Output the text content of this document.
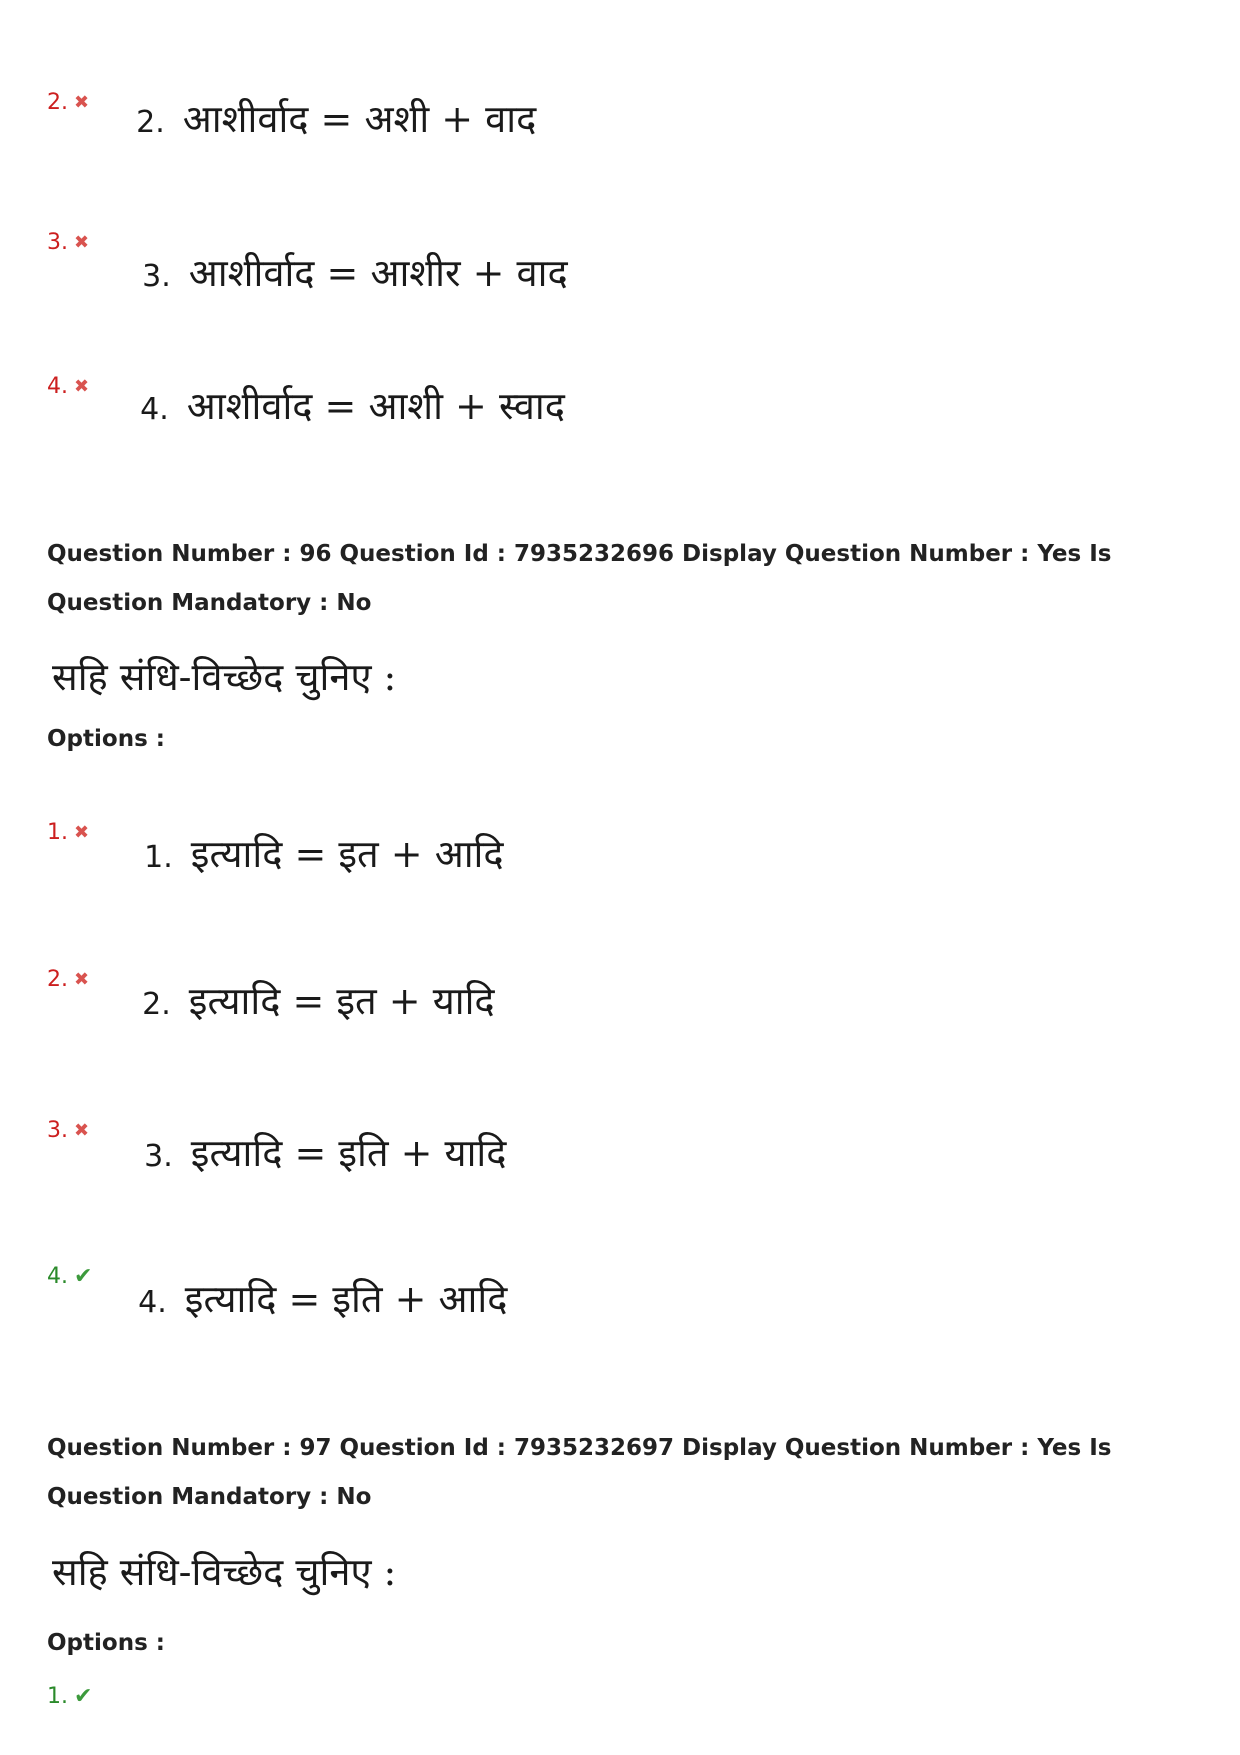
2. आशीर्वाद = अशी + वाद

2. ✖

3. आशीर्वाद = आशीर + वाद

3. ✖

4. आशीर्वाद = आशी + स्वाद

4. ✖
Question Number : 96 Question Id : 7935232696 Display Question Number : Yes Is Question Mandatory : No
सहि संधि-विच्छेद चुनिए :
Options :

1. इत्यादि = इत + आदि

1. ✖

2. इत्यादि = इत + यादि

2. ✖

3. इत्यादि = इति + यादि

3. ✖

4. इत्यादि = इति + आदि

4. ✔
Question Number : 97 Question Id : 7935232697 Display Question Number : Yes Is Question Mandatory : No
सहि संधि-विच्छेद चुनिए :
Options :
1. ✔
